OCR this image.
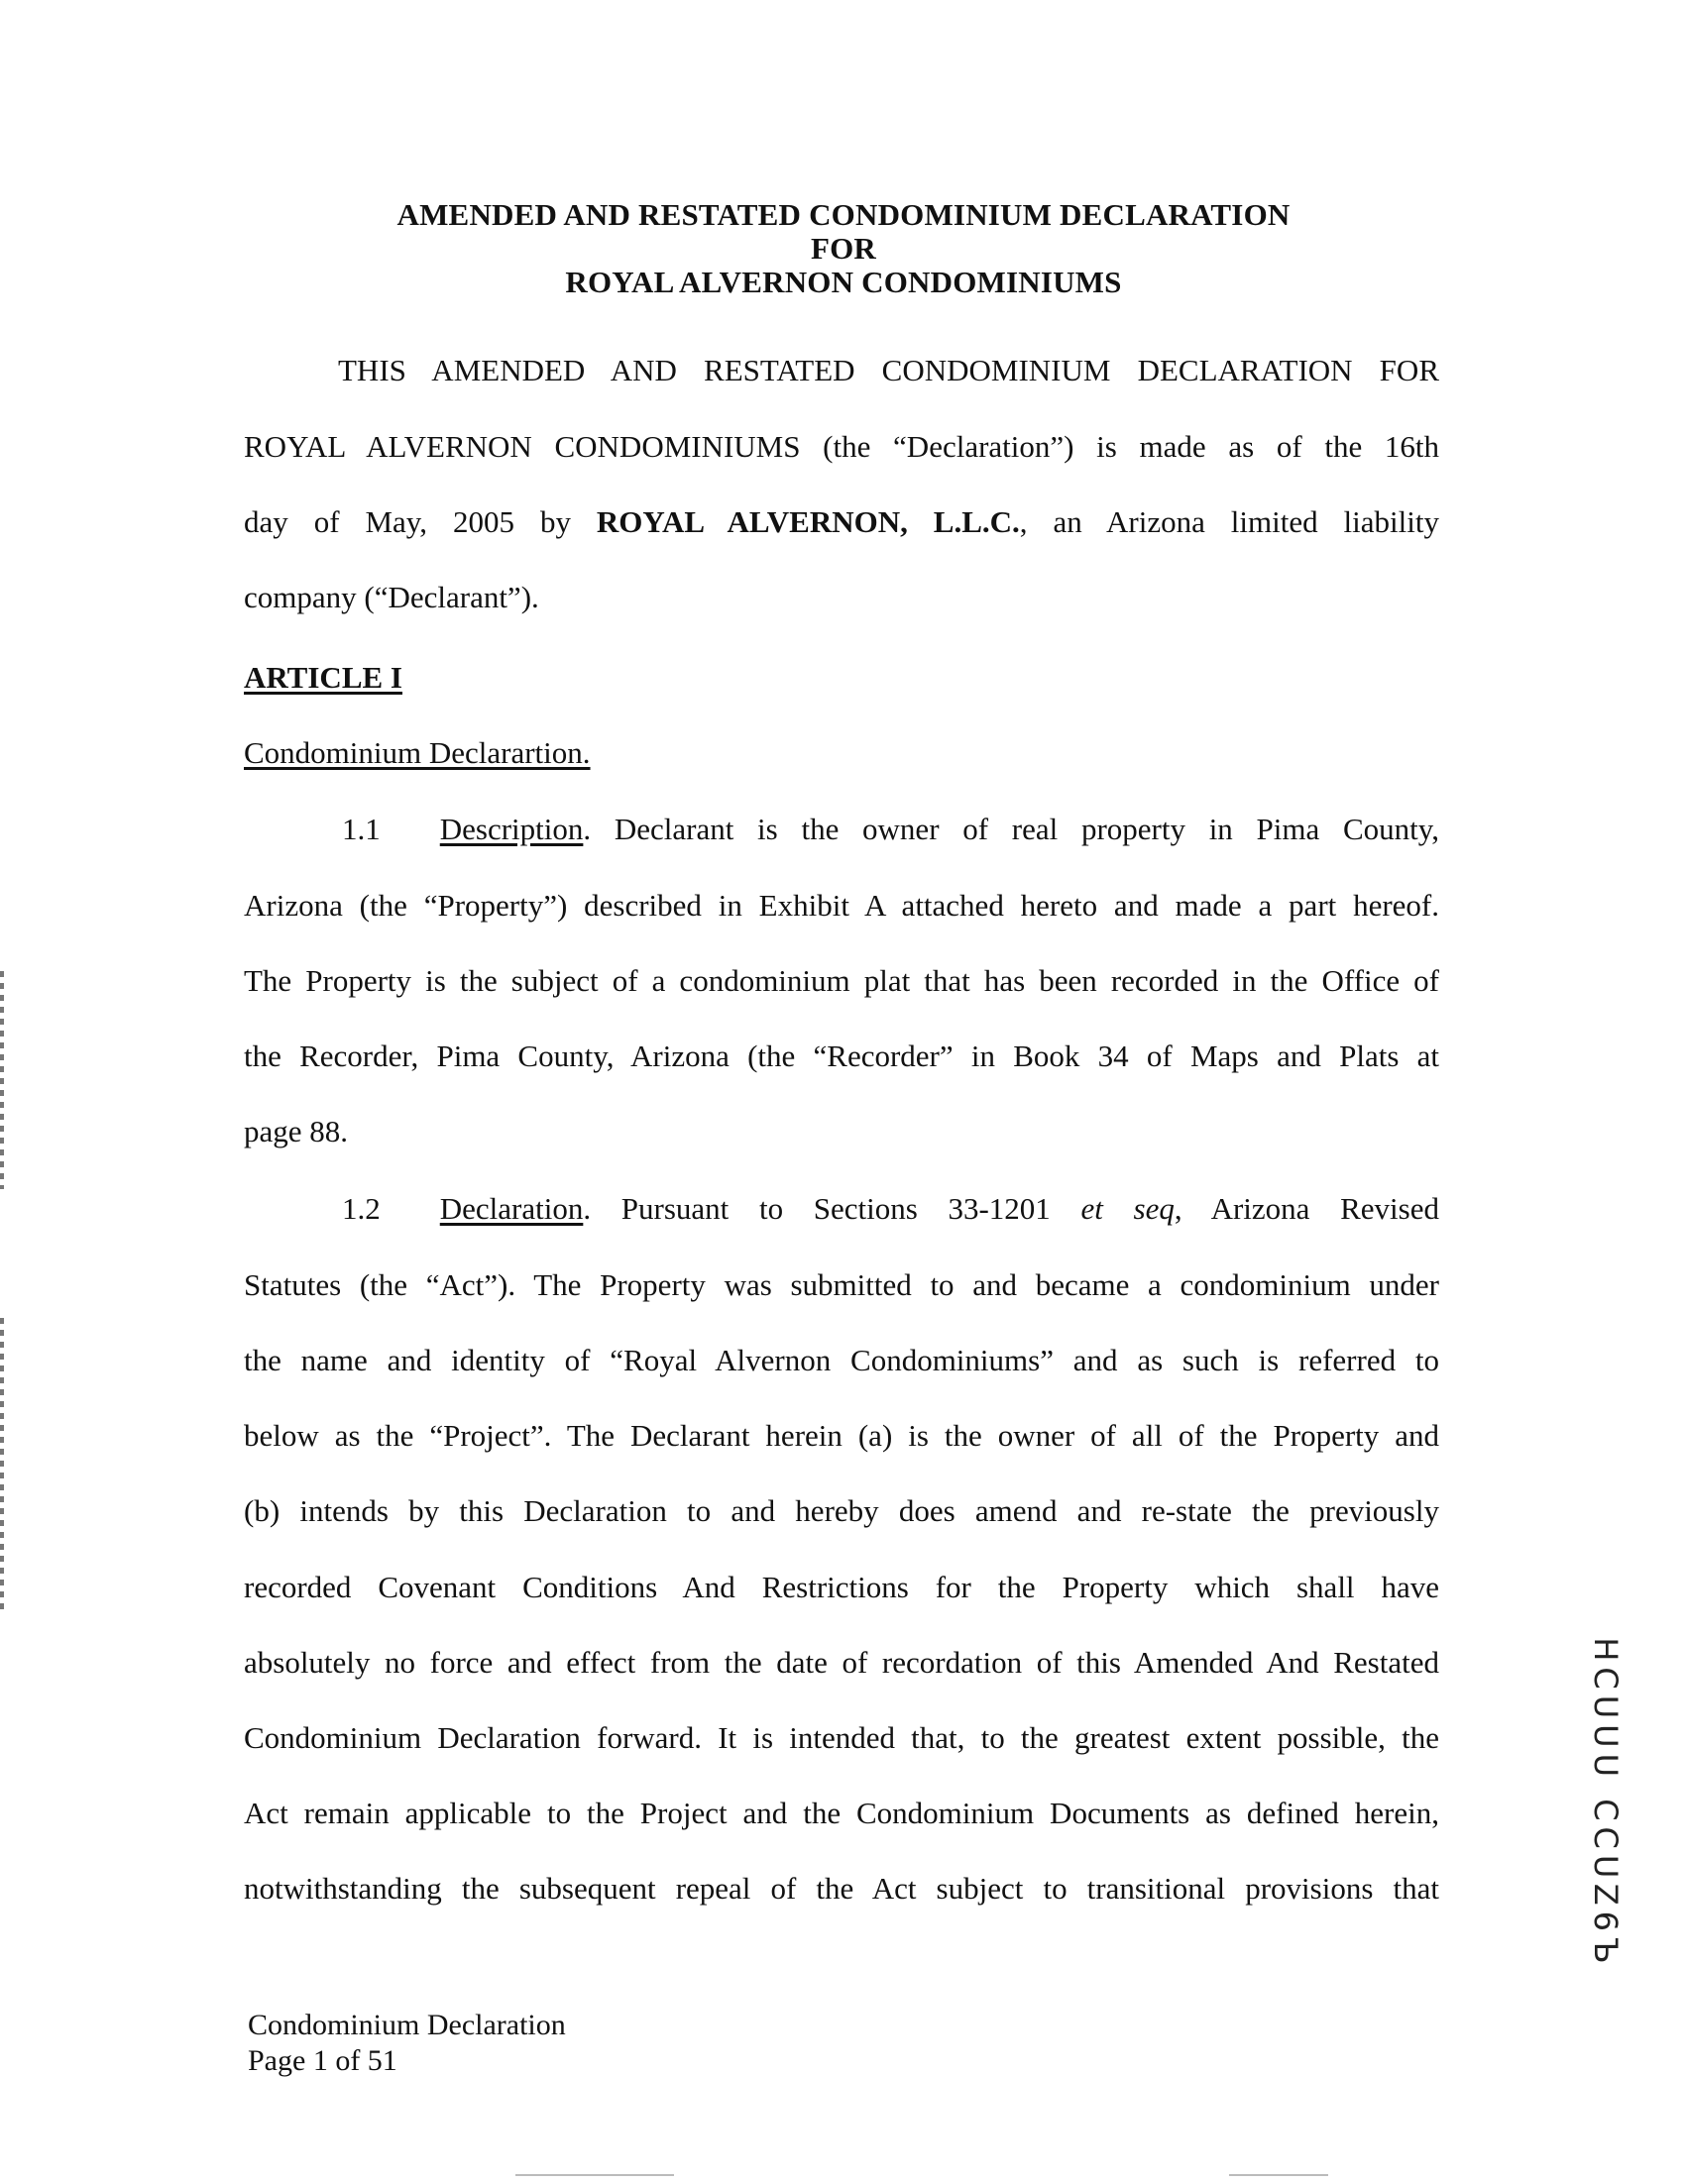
AMENDED AND RESTATED CONDOMINIUM DECLARATION
FOR
ROYAL ALVERNON CONDOMINIUMS
THIS AMENDED AND RESTATED CONDOMINIUM DECLARATION FOR
ROYAL ALVERNON CONDOMINIUMS (the “Declaration”) is made as of the 16th
day of May, 2005 by ROYAL ALVERNON, L.L.C., an Arizona limited liability
company (“Declarant”).
ARTICLE I
Condominium Declarartion.
1.1 Description. Declarant is the owner of real property in Pima County,
Arizona (the “Property”) described in Exhibit A attached hereto and made a part hereof.
The Property is the subject of a condominium plat that has been recorded in the Office of
the Recorder, Pima County, Arizona (the “Recorder” in Book 34 of Maps and Plats at
page 88.
1.2 Declaration. Pursuant to Sections 33-1201 et seq, Arizona Revised
Statutes (the “Act”). The Property was submitted to and became a condominium under
the name and identity of “Royal Alvernon Condominiums” and as such is referred to
below as the “Project”. The Declarant herein (a) is the owner of all of the Property and
(b) intends by this Declaration to and hereby does amend and re-state the previously
recorded Covenant Conditions And Restrictions for the Property which shall have
absolutely no force and effect from the date of recordation of this Amended And Restated
Condominium Declaration forward. It is intended that, to the greatest extent possible, the
Act remain applicable to the Project and the Condominium Documents as defined herein,
notwithstanding the subsequent repeal of the Act subject to transitional provisions that
Condominium Declaration
Page 1 of 51
HCUUU CCUZ6Ъ
